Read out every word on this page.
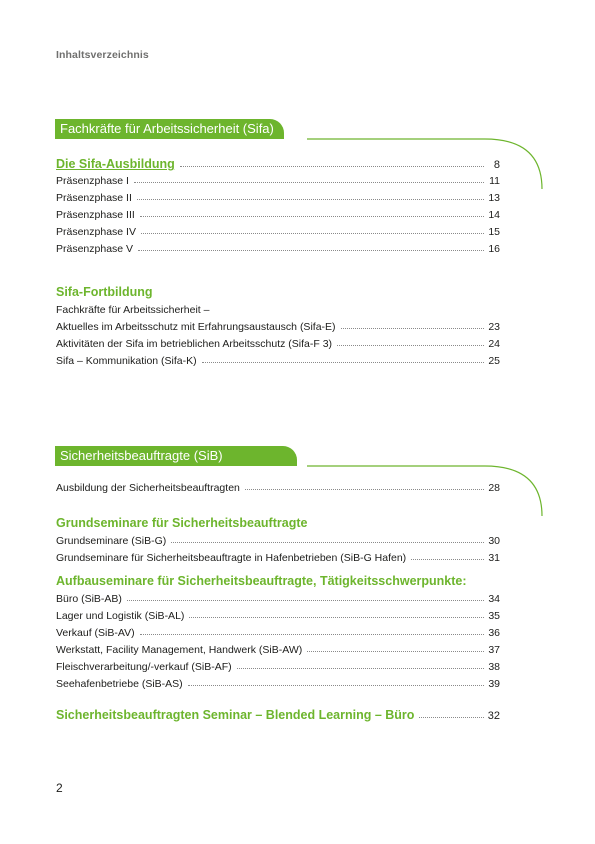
Inhaltsverzeichnis
Fachkräfte für Arbeitssicherheit (Sifa)
Die Sifa-Ausbildung	8
Präsenzphase I	11
Präsenzphase II	13
Präsenzphase III	14
Präsenzphase IV	15
Präsenzphase V	16
Sifa-Fortbildung
Fachkräfte für Arbeitssicherheit –
Aktuelles im Arbeitsschutz mit Erfahrungsaustausch (Sifa-E)	23
Aktivitäten der Sifa im betrieblichen Arbeitsschutz (Sifa-F 3)	24
Sifa – Kommunikation (Sifa-K)	25
Sicherheitsbeauftragte (SiB)
Ausbildung der Sicherheitsbeauftragten	28
Grundseminare für Sicherheitsbeauftragte
Grundseminare (SiB-G)	30
Grundseminare für Sicherheitsbeauftragte in Hafenbetrieben (SiB-G Hafen)	31
Aufbauseminare für Sicherheitsbeauftragte, Tätigkeitsschwerpunkte:
Büro (SiB-AB)	34
Lager und Logistik (SiB-AL)	35
Verkauf (SiB-AV)	36
Werkstatt, Facility Management, Handwerk (SiB-AW)	37
Fleischverarbeitung/-verkauf (SiB-AF)	38
Seehafenbetriebe (SiB-AS)	39
Sicherheitsbeauftragten Seminar – Blended Learning – Büro	32
2
